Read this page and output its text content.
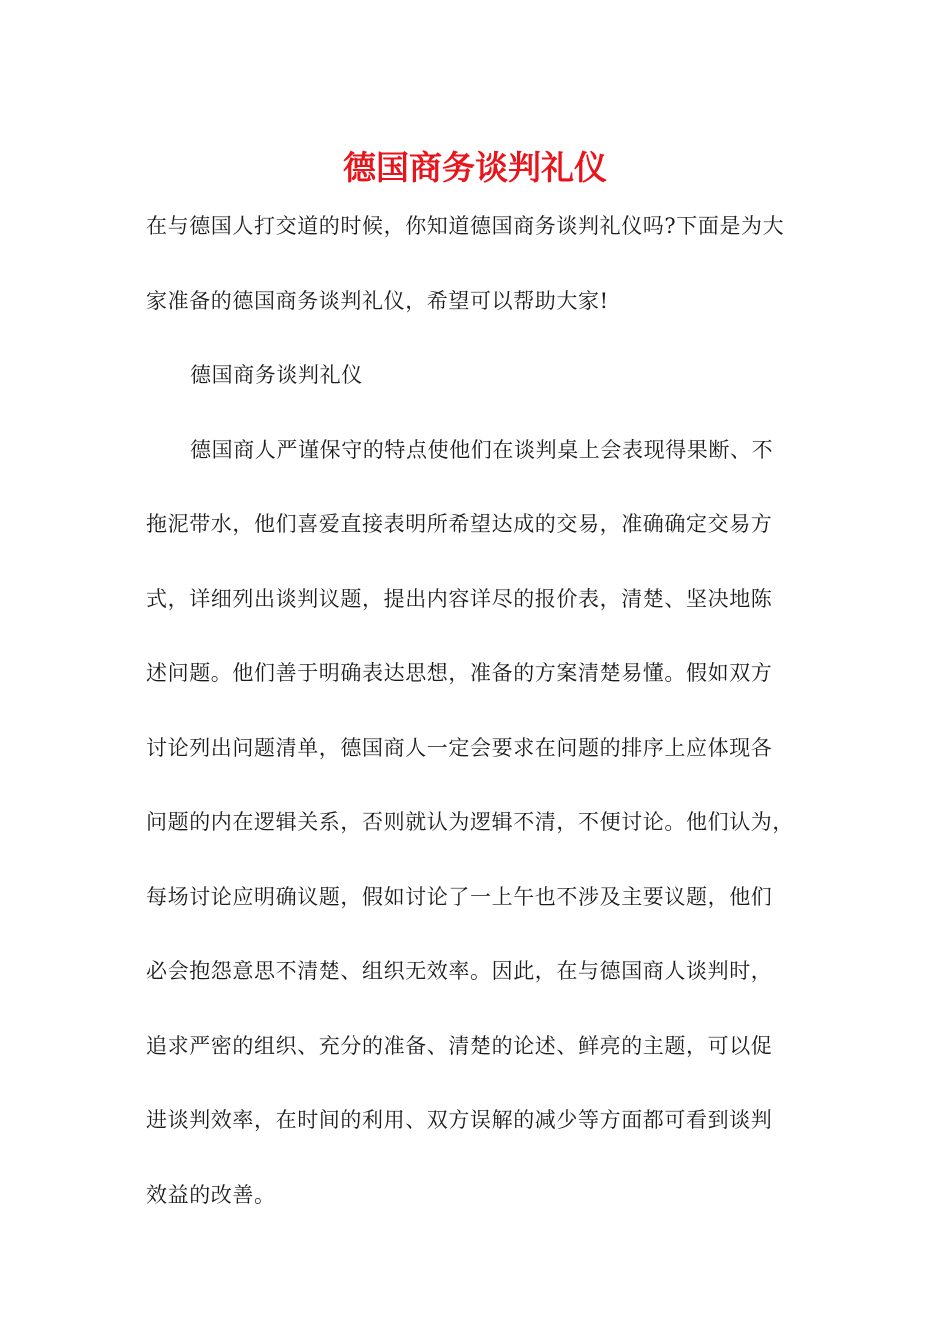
德国商务谈判礼仪
在与德国人打交道的时候，你知道德国商务谈判礼仪吗?下面是为大
家准备的德国商务谈判礼仪，希望可以帮助大家!
德国商务谈判礼仪
德国商人严谨保守的特点使他们在谈判桌上会表现得果断、不
拖泥带水，他们喜爱直接表明所希望达成的交易，准确确定交易方
式，详细列出谈判议题，提出内容详尽的报价表，清楚、坚决地陈
述问题。他们善于明确表达思想，准备的方案清楚易懂。假如双方
讨论列出问题清单，德国商人一定会要求在问题的排序上应体现各
问题的内在逻辑关系，否则就认为逻辑不清，不便讨论。他们认为，
每场讨论应明确议题，假如讨论了一上午也不涉及主要议题，他们
必会抱怨意思不清楚、组织无效率。因此，在与德国商人谈判时，
追求严密的组织、充分的准备、清楚的论述、鲜亮的主题，可以促
进谈判效率，在时间的利用、双方误解的减少等方面都可看到谈判
效益的改善。
